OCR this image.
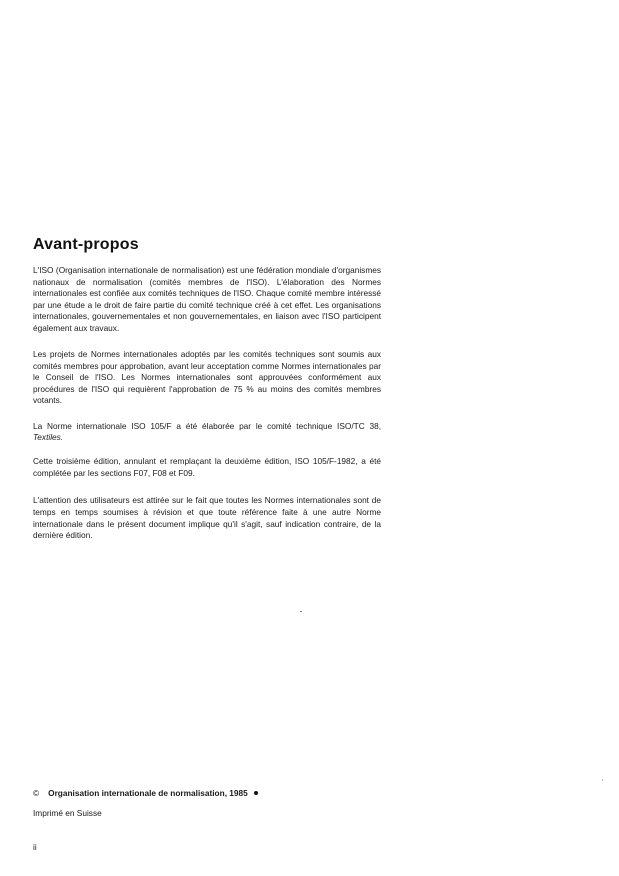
Avant-propos

L'ISO (Organisation internationale de normalisation) est une fédération mondiale d'organismes nationaux de normalisation (comités membres de l'ISO). L'élaboration des Normes internationales est confiée aux comités techniques de l'ISO. Chaque comité membre intéressé par une étude a le droit de faire partie du comité technique créé à cet effet. Les organisations internationales, gouvernementales et non gouvernementales, en liaison avec l'ISO participent également aux travaux.

Les projets de Normes internationales adoptés par les comités techniques sont soumis aux comités membres pour approbation, avant leur acceptation comme Normes internationales par le Conseil de l'ISO. Les Normes internationales sont approuvées conformément aux procédures de l'ISO qui requièrent l'approbation de 75 % au moins des comités membres votants.

La Norme internationale ISO 105/F a été élaborée par le comité technique ISO/TC 38, Textiles.

Cette troisième édition, annulant et remplaçant la deuxième édition, ISO 105/F-1982, a été complétée par les sections F07, F08 et F09.

L'attention des utilisateurs est attirée sur le fait que toutes les Normes internationales sont de temps en temps soumises à révision et que toute référence faite à une autre Norme internationale dans le présent document implique qu'il s'agit, sauf indication contraire, de la dernière édition.

© Organisation internationale de normalisation, 1985
Imprimé en Suisse
ii
